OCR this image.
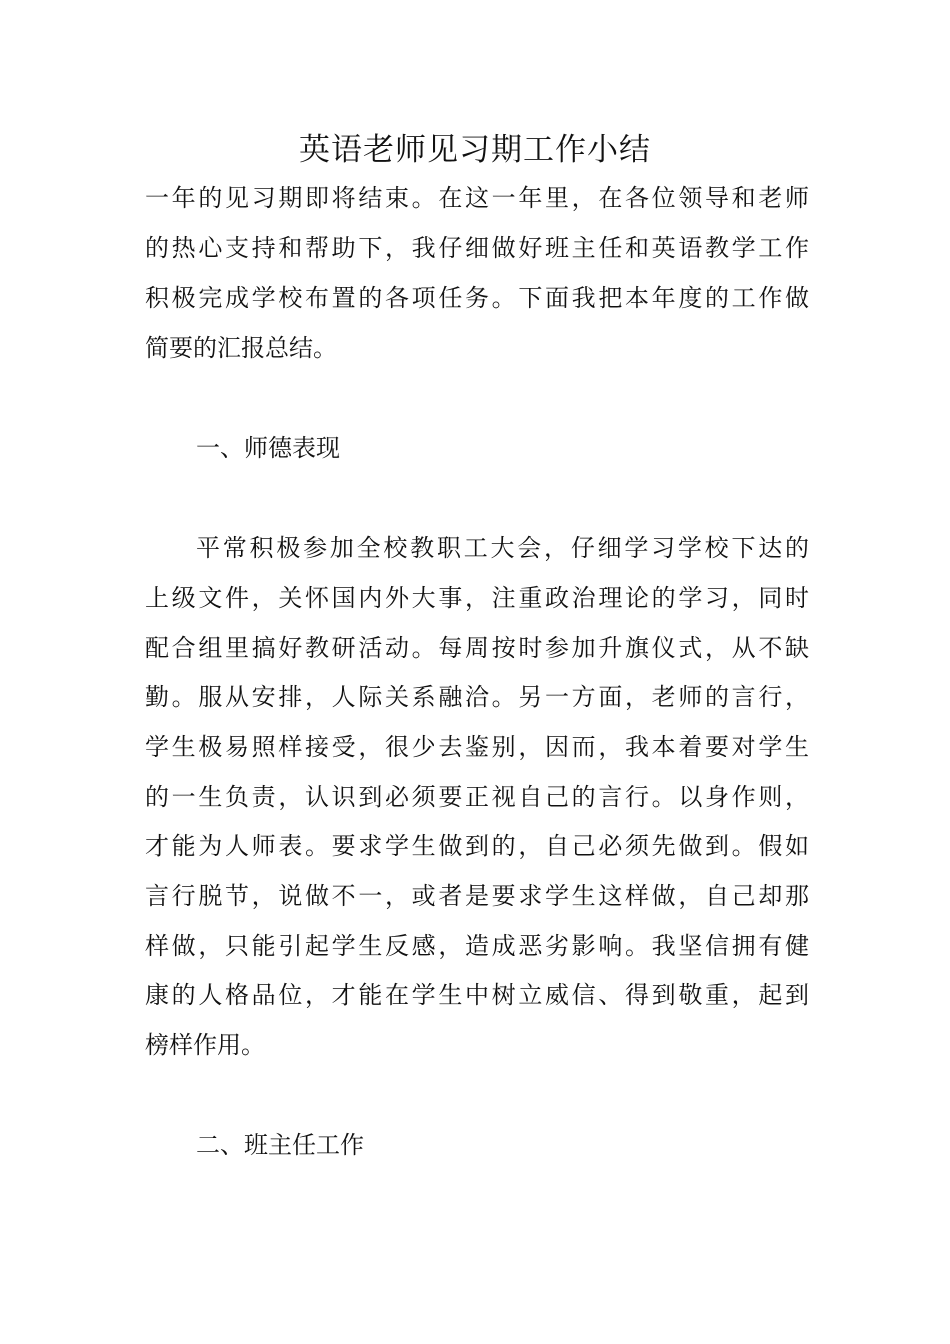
英语老师见习期工作小结

一年的见习期即将结束。在这一年里，在各位领导和老师

的热心支持和帮助下，我仔细做好班主任和英语教学工作

积极完成学校布置的各项任务。下面我把本年度的工作做

简要的汇报总结。

一、师德表现

平常积极参加全校教职工大会，仔细学习学校下达的

上级文件，关怀国内外大事，注重政治理论的学习，同时

配合组里搞好教研活动。每周按时参加升旗仪式，从不缺

勤。服从安排，人际关系融洽。另一方面，老师的言行，

学生极易照样接受，很少去鉴别，因而，我本着要对学生

的一生负责，认识到必须要正视自己的言行。以身作则，

才能为人师表。要求学生做到的，自己必须先做到。假如

言行脱节，说做不一，或者是要求学生这样做，自己却那

样做，只能引起学生反感，造成恶劣影响。我坚信拥有健

康的人格品位，才能在学生中树立威信、得到敬重，起到

榜样作用。

二、班主任工作
